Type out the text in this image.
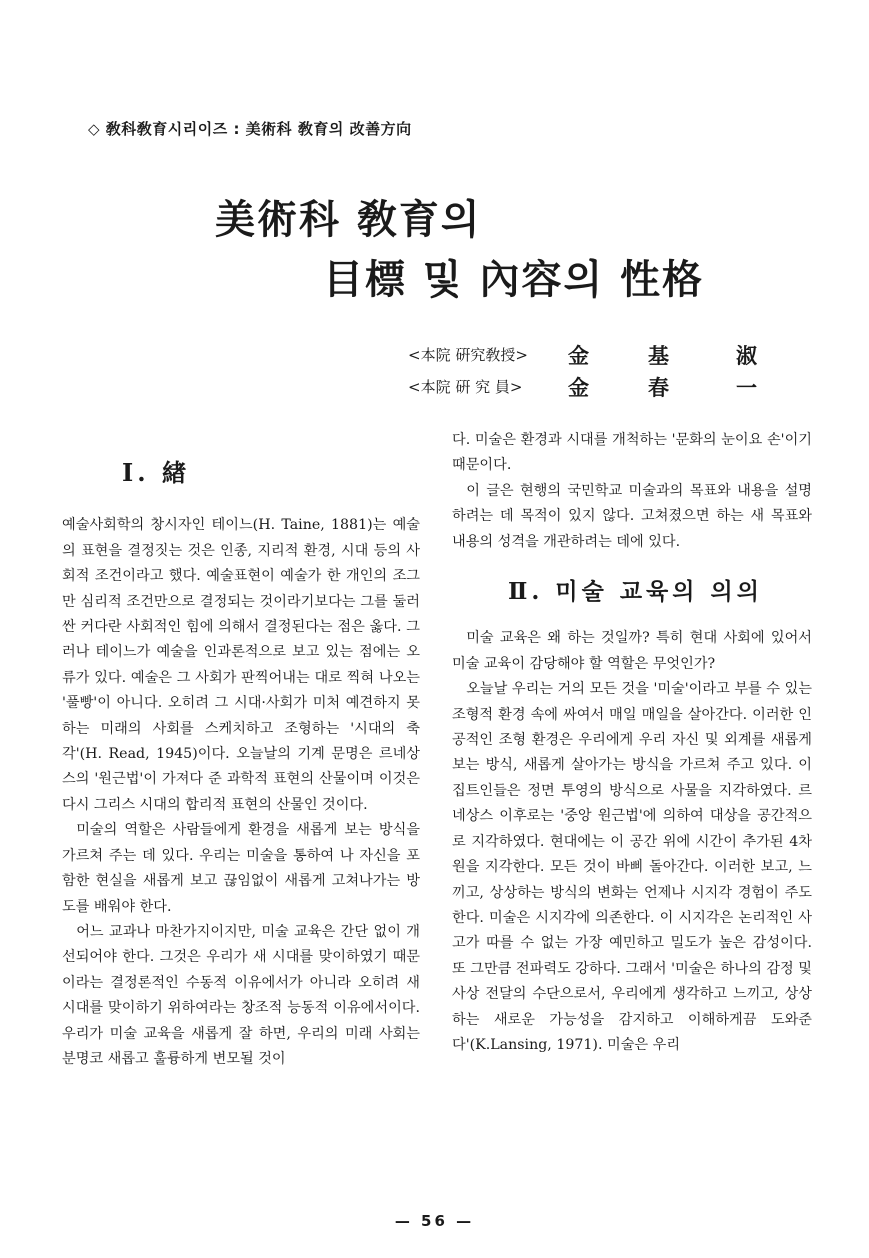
◇ 敎科敎育시리이즈 : 美術科 敎育의 改善方向
美術科 敎育의
目標 및 內容의 性格
<本院 硏究敎授> 金	基	淑
<本院 硏 究 員> 金	春	一
Ⅰ. 緖

예술사회학의 창시자인 테이느(H. Taine, 1881)는 예술의 표현을 결정짓는 것은 인종, 지리적 환경, 시대 등의 사회적 조건이라고 했다. 예술표현이 예술가 한 개인의 조그만 심리적 조건만으로 결정되는 것이라기보다는 그를 둘러싼 커다란 사회적인 힘에 의해서 결정된다는 점은 옳다. 그러나 테이느가 예술을 인과론적으로 보고 있는 점에는 오류가 있다. 예술은 그 사회가 판찍어내는 대로 찍혀 나오는 '풀빵'이 아니다. 오히려 그 시대·사회가 미처 예견하지 못하는 미래의 사회를 스케치하고 조형하는 '시대의 축각'(H. Read, 1945)이다. 오늘날의 기계 문명은 르네상스의 '원근법'이 가져다 준 과학적 표현의 산물이며 이것은 다시 그리스 시대의 합리적 표현의 산물인 것이다.

미술의 역할은 사람들에게 환경을 새롭게 보는 방식을 가르쳐 주는 데 있다. 우리는 미술을 통하여 나 자신을 포함한 현실을 새롭게 보고 끊임없이 새롭게 고쳐나가는 방도를 배워야 한다.

어느 교과나 마찬가지이지만, 미술 교육은 간단 없이 개선되어야 한다. 그것은 우리가 새 시대를 맞이하였기 때문이라는 결정론적인 수동적 이유에서가 아니라 오히려 새 시대를 맞이하기 위하여라는 창조적 능동적 이유에서이다. 우리가 미술 교육을 새롭게 잘 하면, 우리의 미래 사회는 분명코 새롭고 훌륭하게 변모될 것이

다. 미술은 환경과 시대를 개척하는 '문화의 눈이요 손'이기 때문이다.

이 글은 현행의 국민학교 미술과의 목표와 내용을 설명하려는 데 목적이 있지 않다. 고쳐졌으면 하는 새 목표와 내용의 성격을 개관하려는 데에 있다.

Ⅱ. 미술 교육의 의의

미술 교육은 왜 하는 것일까? 특히 현대 사회에 있어서 미술 교육이 감당해야 할 역할은 무엇인가?

오늘날 우리는 거의 모든 것을 '미술'이라고 부를 수 있는 조형적 환경 속에 싸여서 매일 매일을 살아간다. 이러한 인공적인 조형 환경은 우리에게 우리 자신 및 외계를 새롭게 보는 방식, 새롭게 살아가는 방식을 가르쳐 주고 있다. 이집트인들은 정면 투영의 방식으로 사물을 지각하였다. 르네상스 이후로는 '중앙 원근법'에 의하여 대상을 공간적으로 지각하였다. 현대에는 이 공간 위에 시간이 추가된 4차원을 지각한다. 모든 것이 바삐 돌아간다. 이러한 보고, 느끼고, 상상하는 방식의 변화는 언제나 시지각 경험이 주도한다. 미술은 시지각에 의존한다. 이 시지각은 논리적인 사고가 따를 수 없는 가장 예민하고 밀도가 높은 감성이다. 또 그만큼 전파력도 강하다. 그래서 '미술은 하나의 감정 및 사상 전달의 수단으로서, 우리에게 생각하고 느끼고, 상상하는 새로운 가능성을 감지하고 이해하게끔 도와준다'(K.Lansing, 1971). 미술은 우리

— 56 —
